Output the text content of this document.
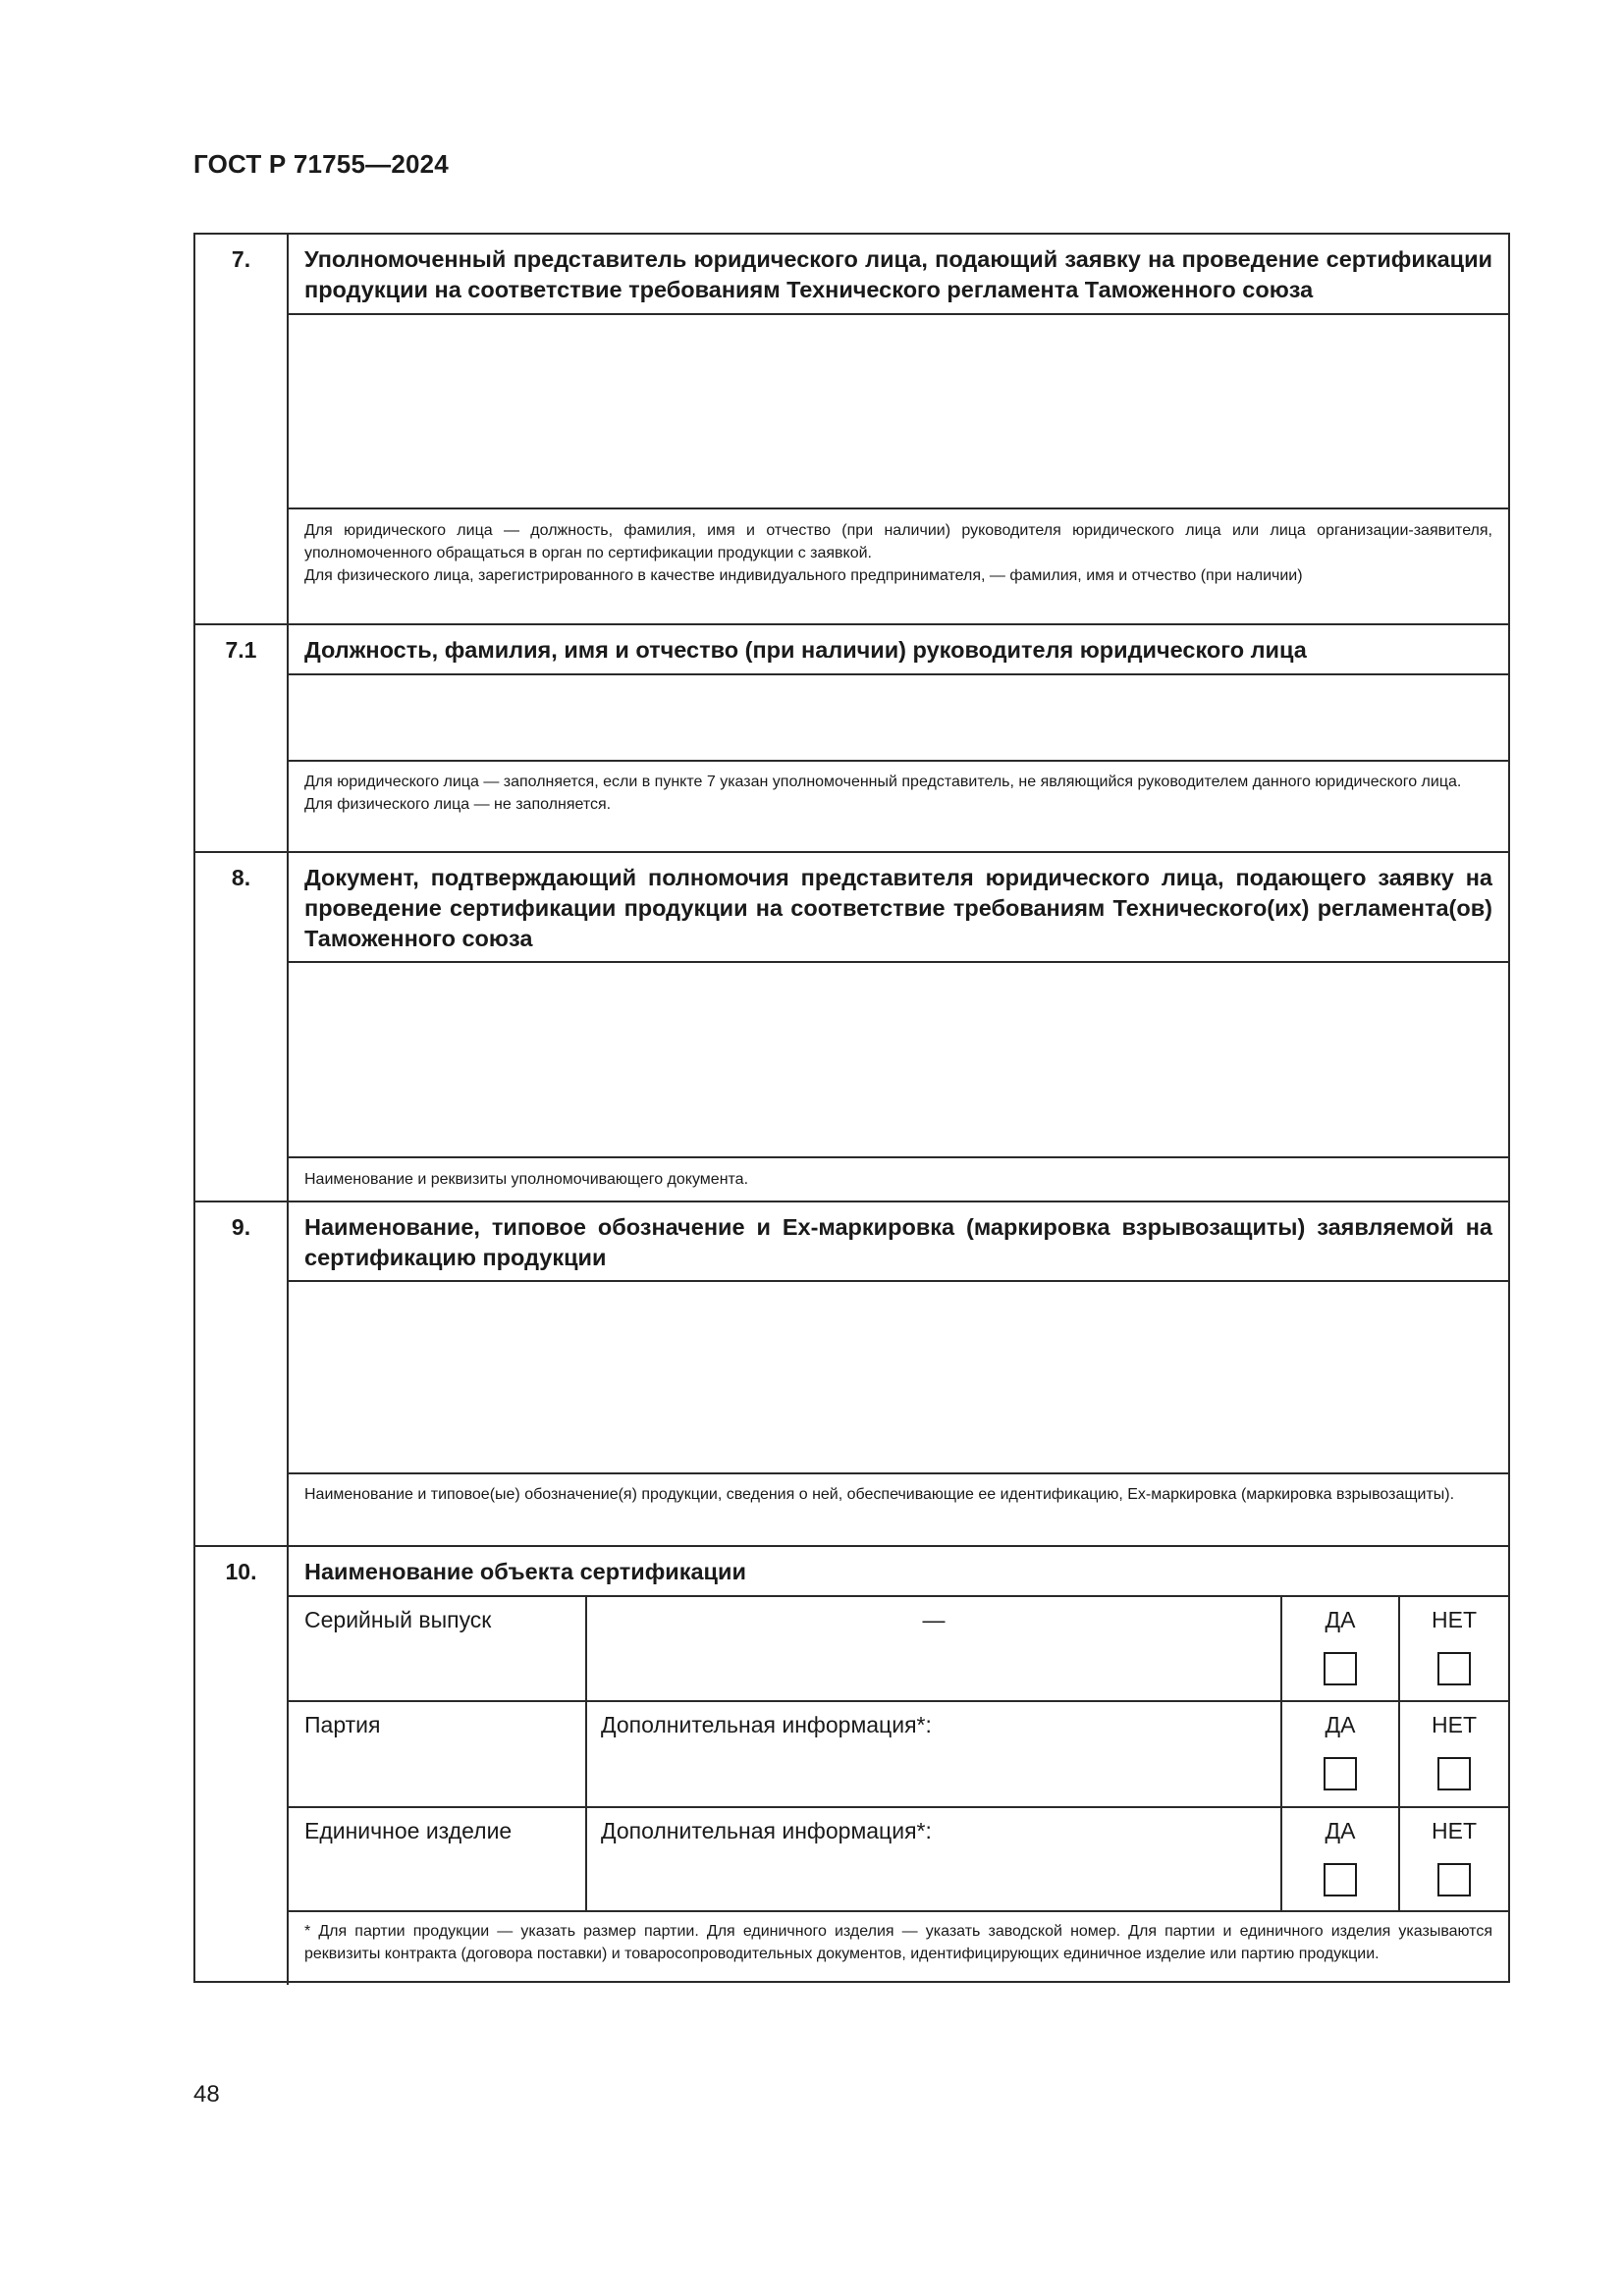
ГОСТ Р 71755—2024
7.	Уполномоченный представитель юридического лица, подающий заявку на проведение сертификации продукции на соответствие требованиям Технического регламента Таможенного союза

Для юридического лица — должность, фамилия, имя и отчество (при наличии) руководителя юридического лица или лица организации-заявителя, уполномоченного обращаться в орган по сертификации продукции с заявкой.

Для физического лица, зарегистрированного в качестве индивидуального предпринимателя, — фамилия, имя и отчество (при наличии)

7.1	Должность, фамилия, имя и отчество (при наличии) руководителя юридического лица

Для юридического лица — заполняется, если в пункте 7 указан уполномоченный представитель, не являющийся руководителем данного юридического лица.

Для физического лица — не заполняется.

8.	Документ, подтверждающий полномочия представителя юридического лица, подающего заявку на проведение сертификации продукции на соответствие требованиям Технического(их) регламента(ов) Таможенного союза

Наименование и реквизиты уполномочивающего документа.

9.	Наименование, типовое обозначение и Ех-маркировка (маркировка взрывозащиты) заявляемой на сертификацию продукции

Наименование и типовое(ые) обозначение(я) продукции, сведения о ней, обеспечивающие ее идентификацию, Ех-маркировка (маркировка взрывозащиты).

10.	Наименование объекта сертификации
Серийный выпуск	—	ДА	НЕТ
Партия	Дополнительная информация*:	ДА	НЕТ
Единичное изделие	Дополнительная информация*:	ДА	НЕТ

* Для партии продукции — указать размер партии. Для единичного изделия — указать заводской номер. Для партии и единичного изделия указываются реквизиты контракта (договора поставки) и товаросопроводительных документов, идентифицирующих единичное изделие или партию продукции.

48
